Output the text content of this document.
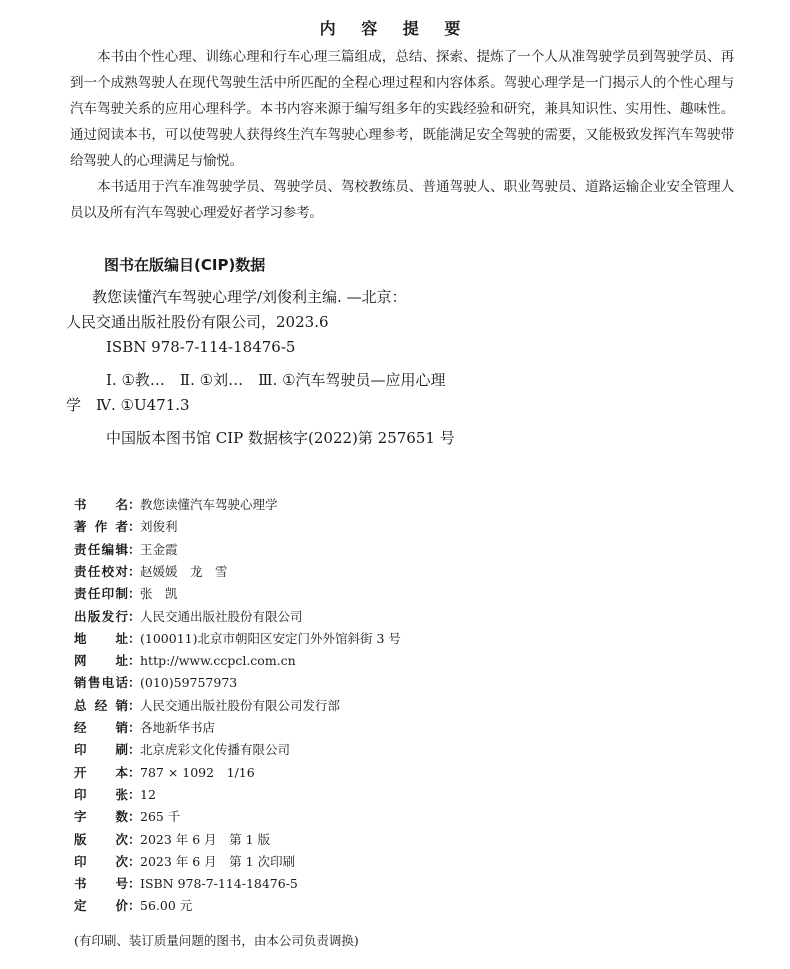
内 容 提 要

本书由个性心理、训练心理和行车心理三篇组成，总结、探索、提炼了一个人从准驾驶学员到驾驶学员、再到一个成熟驾驶人在现代驾驶生活中所匹配的全程心理过程和内容体系。驾驶心理学是一门揭示人的个性心理与汽车驾驶关系的应用心理科学。本书内容来源于编写组多年的实践经验和研究，兼具知识性、实用性、趣味性。通过阅读本书，可以使驾驶人获得终生汽车驾驶心理参考，既能满足安全驾驶的需要，又能极致发挥汽车驾驶带给驾驶人的心理满足与愉悦。

本书适用于汽车准驾驶学员、驾驶学员、驾校教练员、普通驾驶人、职业驾驶员、道路运输企业安全管理人员以及所有汽车驾驶心理爱好者学习参考。

图书在版编目(CIP)数据
教您读懂汽车驾驶心理学/刘俊利主编. —北京：
人民交通出版社股份有限公司，2023.6
ISBN 978-7-114-18476-5
Ⅰ. ①教…　Ⅱ. ①刘…　Ⅲ. ①汽车驾驶员—应用心理
学　Ⅳ. ①U471.3
中国版本图书馆 CIP 数据核字(2022)第 257651 号
书 名 ：教您读懂汽车驾驶心理学
著 作 者 ：刘俊利
责 任 编 辑 ：王金霞
责 任 校 对 ：赵媛媛　龙　雪
责 任 印 制 ：张　凯
出 版 发 行 ：人民交通出版社股份有限公司
地 址 ：(100011)北京市朝阳区安定门外外馆斜街 3 号
网 址 ：http://www.ccpcl.com.cn
销 售 电 话 ：(010)59757973
总 经 销 ：人民交通出版社股份有限公司发行部
经 销 ：各地新华书店
印 刷 ：北京虎彩文化传播有限公司
开 本 ：787 × 1092　1/16
印 张 ：12
字 数 ：265 千
版 次 ：2023 年 6 月　第 1 版
印 次 ：2023 年 6 月　第 1 次印刷
书 号 ：ISBN 978-7-114-18476-5
定 价 ：56.00 元
(有印刷、装订质量问题的图书，由本公司负责调换)
